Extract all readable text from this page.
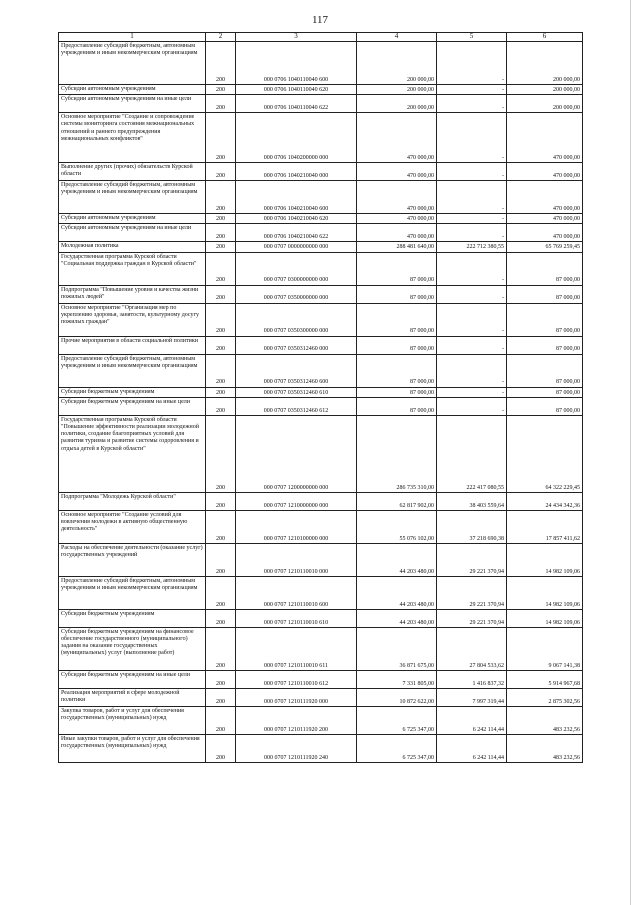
117
1	2	3	4	5	6
Предоставление субсидий бюджетным, автономным учреждениям и иным некоммерческим организациям	200	000 0706 1040110040 600	200 000,00	-	200 000,00
Субсидии автономным учреждениям	200	000 0706 1040110040 620	200 000,00	-	200 000,00
Субсидии автономным учреждениям на иные цели	200	000 0706 1040110040 622	200 000,00	-	200 000,00
Основное мероприятие "Создание и сопровождение системы мониторинга состояния межнациональных отношений и раннего предупреждения межнациональных конфликтов"	200	000 0706 1040200000 000	470 000,00	-	470 000,00
Выполнение других (прочих) обязательств Курской области	200	000 0706 1040210040 000	470 000,00	-	470 000,00
Предоставление субсидий бюджетным, автономным учреждениям и иным некоммерческим организациям	200	000 0706 1040210040 600	470 000,00	-	470 000,00
Субсидии автономным учреждениям	200	000 0706 1040210040 620	470 000,00	-	470 000,00
Субсидии автономным учреждениям на иные цели	200	000 0706 1040210040 622	470 000,00	-	470 000,00
Молодежная политика	200	000 0707 0000000000 000	288 481 640,00	222 712 380,55	65 769 259,45
Государственная программа Курской области "Социальная поддержка граждан в Курской области"	200	000 0707 0300000000 000	87 000,00	-	87 000,00
Подпрограмма "Повышение уровня и качества жизни пожилых людей"	200	000 0707 0350000000 000	87 000,00	-	87 000,00
Основное мероприятие "Организация мер по укреплению здоровья, занятости, культурному досугу пожилых граждан"	200	000 0707 0350300000 000	87 000,00	-	87 000,00
Прочие мероприятия в области социальной политики	200	000 0707 0350312460 000	87 000,00	-	87 000,00
Предоставление субсидий бюджетным, автономным учреждениям и иным некоммерческим организациям	200	000 0707 0350312460 600	87 000,00	-	87 000,00
Субсидии бюджетным учреждениям	200	000 0707 0350312460 610	87 000,00	-	87 000,00
Субсидии бюджетным учреждениям на иные цели	200	000 0707 0350312460 612	87 000,00	-	87 000,00
Государственная программа Курской области "Повышение эффективности реализации молодежной политики, создание благоприятных условий для развития туризма и развитие системы оздоровления и отдыха детей в Курской области"	200	000 0707 1200000000 000	286 735 310,00	222 417 080,55	64 322 229,45
Подпрограмма "Молодежь Курской области"	200	000 0707 1210000000 000	62 817 902,00	38 403 559,64	24 434 342,36
Основное мероприятие "Создание условий для вовлечения молодежи в активную общественную деятельность"	200	000 0707 1210100000 000	55 076 102,00	37 218 690,38	17 857 411,62
Расходы на обеспечение деятельности (оказание услуг) государственных учреждений	200	000 0707 1210110010 000	44 203 480,00	29 221 370,94	14 982 109,06
Предоставление субсидий бюджетным, автономным учреждениям и иным некоммерческим организациям	200	000 0707 1210110010 600	44 203 480,00	29 221 370,94	14 982 109,06
Субсидии бюджетным учреждениям	200	000 0707 1210110010 610	44 203 480,00	29 221 370,94	14 982 109,06
Субсидии бюджетным учреждениям на финансовое обеспечение государственного (муниципального) задания на оказание государственных (муниципальных) услуг (выполнение работ)	200	000 0707 1210110010 611	36 871 675,00	27 804 533,62	9 067 141,38
Субсидии бюджетным учреждениям на иные цели	200	000 0707 1210110010 612	7 331 805,00	1 416 837,32	5 914 967,68
Реализация мероприятий в сфере молодежной политики	200	000 0707 1210111920 000	10 872 622,00	7 997 319,44	2 875 302,56
Закупка товаров, работ и услуг для обеспечения государственных (муниципальных) нужд	200	000 0707 1210111920 200	6 725 347,00	6 242 114,44	483 232,56
Иные закупки товаров, работ и услуг для обеспечения государственных (муниципальных) нужд	200	000 0707 1210111920 240	6 725 347,00	6 242 114,44	483 232,56
